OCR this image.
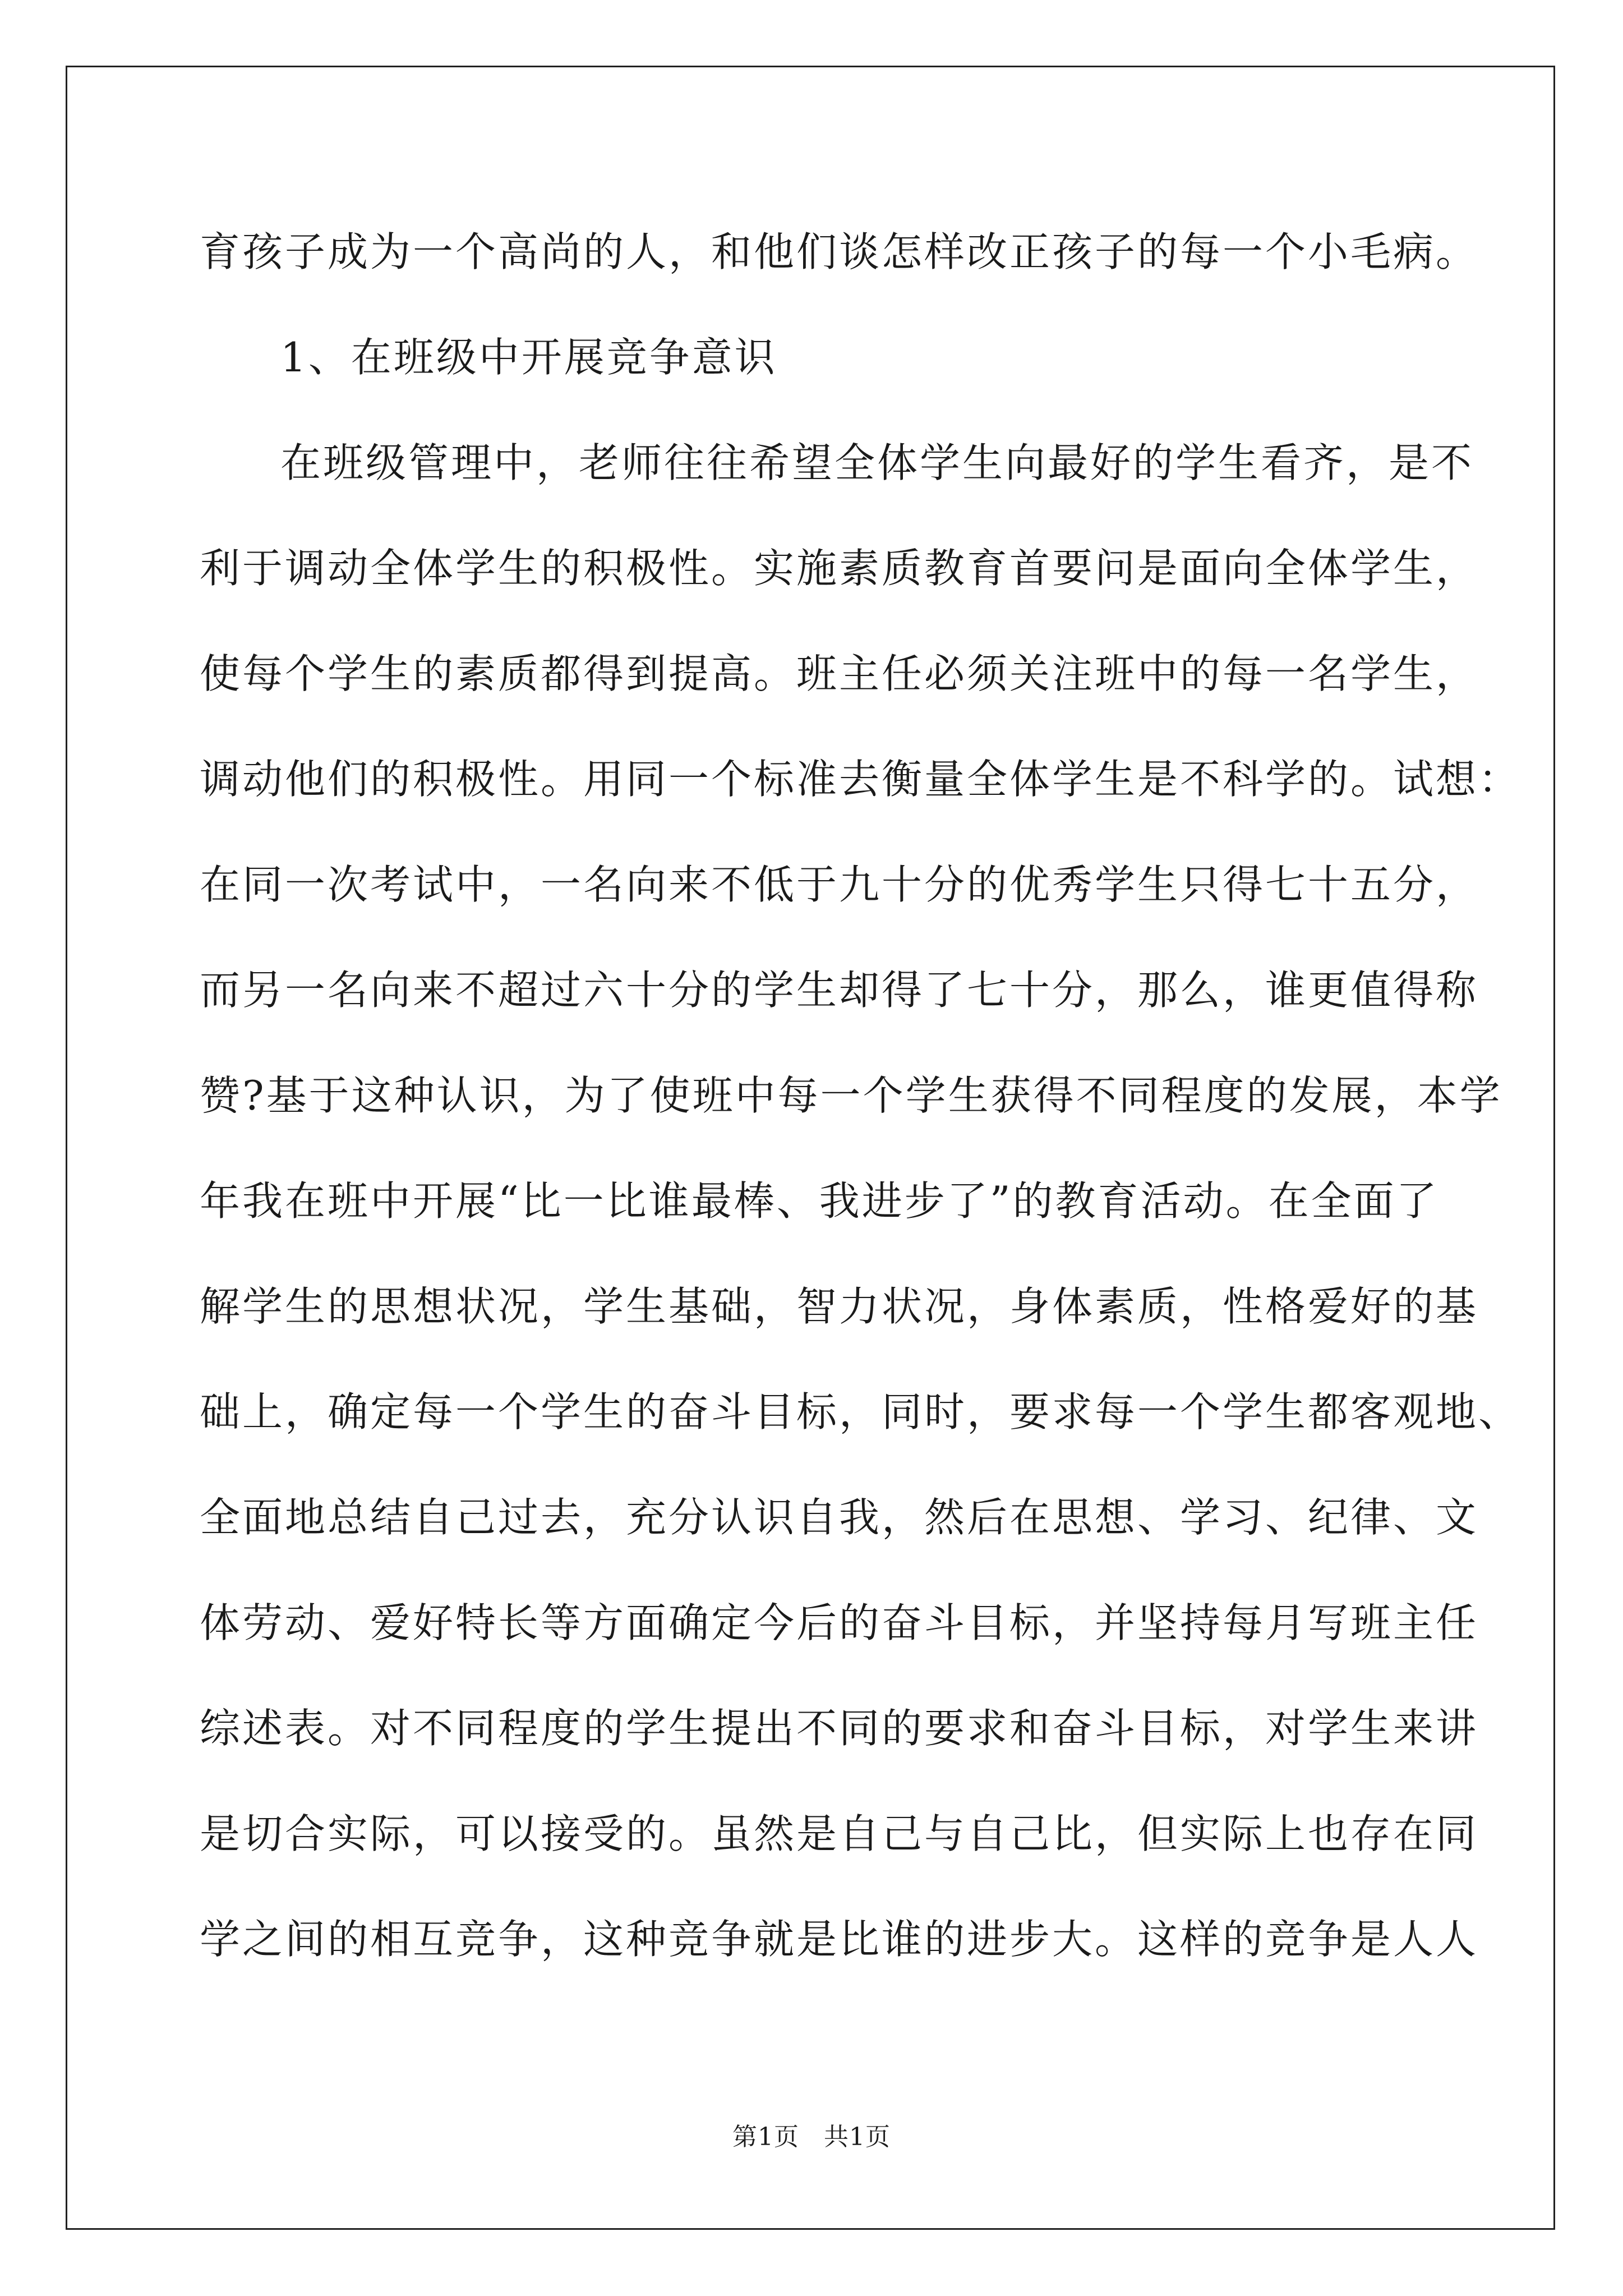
育孩子成为一个高尚的人，和他们谈怎样改正孩子的每一个小毛病。
1、在班级中开展竞争意识
在班级管理中，老师往往希望全体学生向最好的学生看齐，是不
利于调动全体学生的积极性。实施素质教育首要问是面向全体学生，
使每个学生的素质都得到提高。班主任必须关注班中的每一名学生，
调动他们的积极性。用同一个标准去衡量全体学生是不科学的。试想：
在同一次考试中，一名向来不低于九十分的优秀学生只得七十五分，
而另一名向来不超过六十分的学生却得了七十分，那么，谁更值得称
赞?基于这种认识，为了使班中每一个学生获得不同程度的发展，本学
年我在班中开展“比一比谁最棒、我进步了”的教育活动。在全面了
解学生的思想状况，学生基础，智力状况，身体素质，性格爱好的基
础上，确定每一个学生的奋斗目标，同时，要求每一个学生都客观地、
全面地总结自己过去，充分认识自我，然后在思想、学习、纪律、文
体劳动、爱好特长等方面确定今后的奋斗目标，并坚持每月写班主任
综述表。对不同程度的学生提出不同的要求和奋斗目标，对学生来讲
是切合实际，可以接受的。虽然是自己与自己比，但实际上也存在同
学之间的相互竞争，这种竞争就是比谁的进步大。这样的竞争是人人
第1页 共1页
